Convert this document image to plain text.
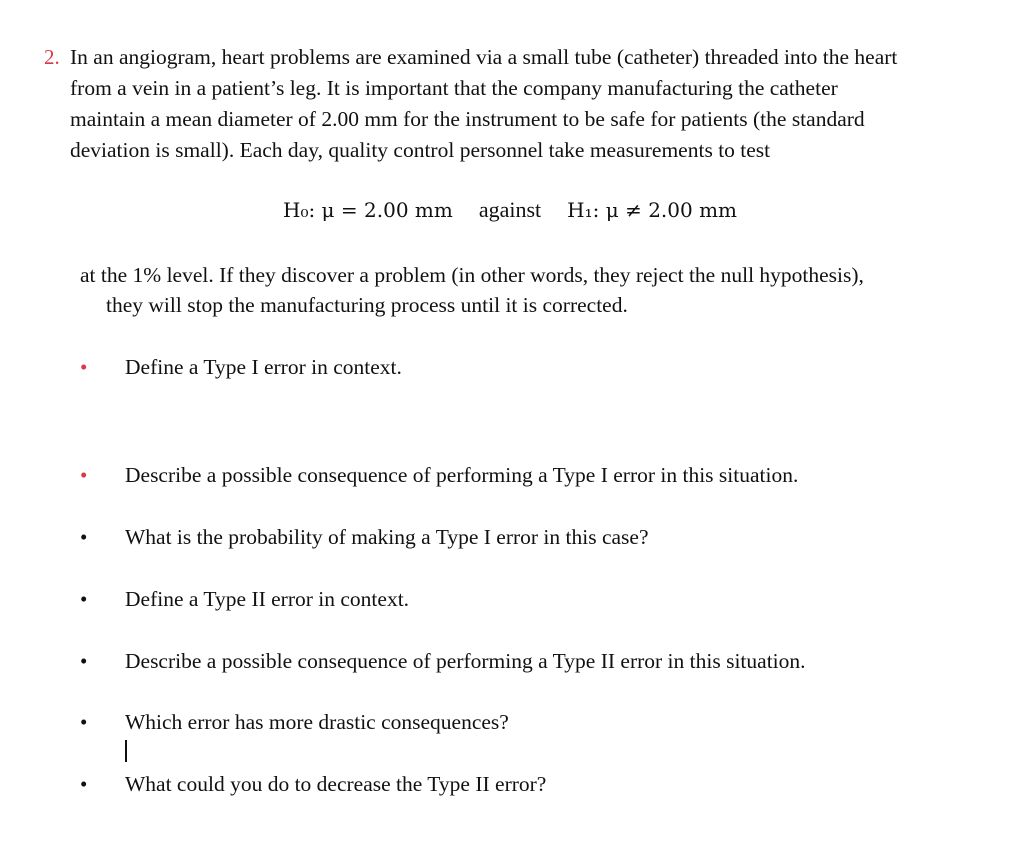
2. In an angiogram, heart problems are examined via a small tube (catheter) threaded into the heart
from a vein in a patient’s leg. It is important that the company manufacturing the catheter
maintain a mean diameter of 2.00 mm for the instrument to be safe for patients (the standard
deviation is small). Each day, quality control personnel take measurements to test
H₀: μ = 2.00 mm against H₁: μ ≠ 2.00 mm
at the 1% level. If they discover a problem (in other words, they reject the null hypothesis),
they will stop the manufacturing process until it is corrected.
•	Define a Type I error in context.
•	Describe a possible consequence of performing a Type I error in this situation.
•	What is the probability of making a Type I error in this case?
•	Define a Type II error in context.
•	Describe a possible consequence of performing a Type II error in this situation.
•	Which error has more drastic consequences?
•	What could you do to decrease the Type II error?
